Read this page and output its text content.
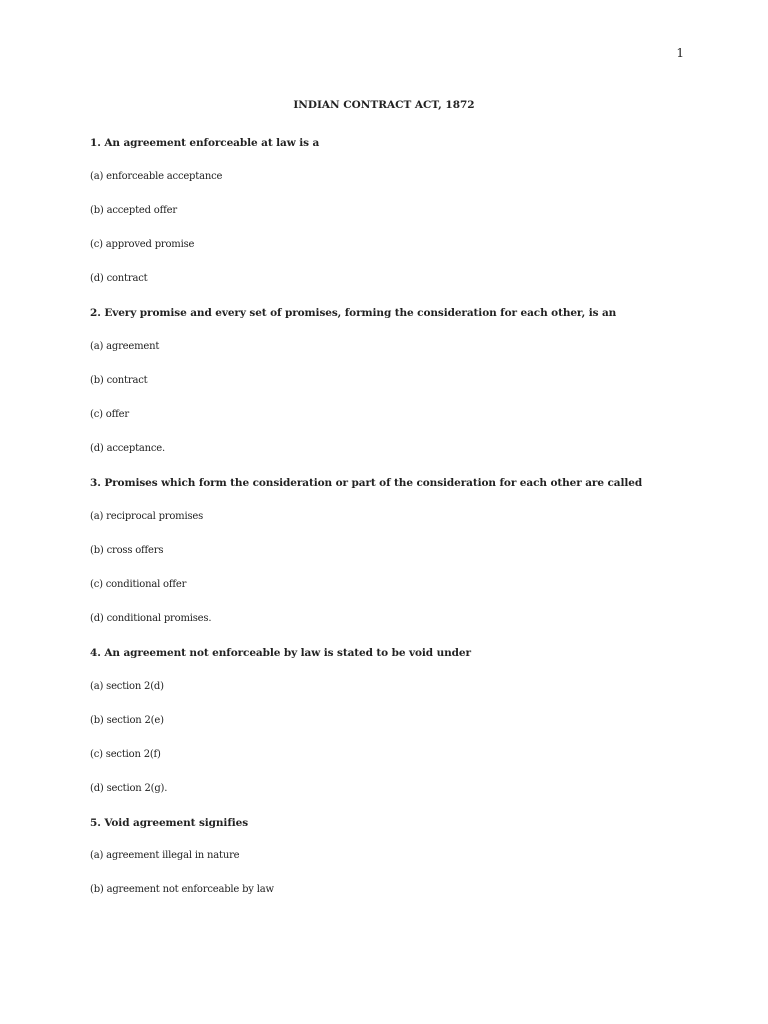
1
INDIAN CONTRACT ACT, 1872
1. An agreement enforceable at law is a
(a) enforceable acceptance
(b) accepted offer
(c) approved promise
(d) contract
2. Every promise and every set of promises, forming the consideration for each other, is an
(a) agreement
(b) contract
(c) offer
(d) acceptance.
3. Promises which form the consideration or part of the consideration for each other are called
(a) reciprocal promises
(b) cross offers
(c) conditional offer
(d) conditional promises.
4. An agreement not enforceable by law is stated to be void under
(a) section 2(d)
(b) section 2(e)
(c) section 2(f)
(d) section 2(g).
5. Void agreement signifies
(a) agreement illegal in nature
(b) agreement not enforceable by law
